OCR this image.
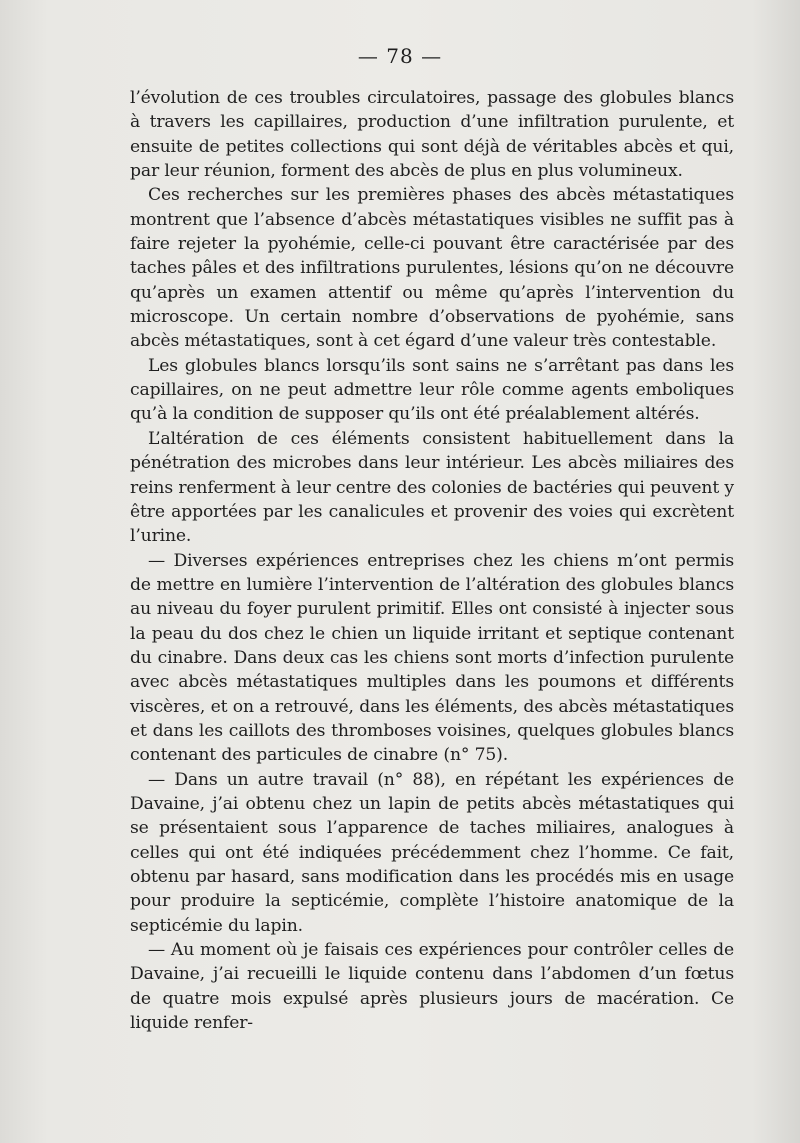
— 78 —

l’évolution de ces troubles circulatoires, passage des globules blancs à travers les capillaires, production d’une infiltration purulente, et ensuite de petites collections qui sont déjà de véritables abcès et qui, par leur réunion, forment des abcès de plus en plus volumineux.

Ces recherches sur les premières phases des abcès métastatiques montrent que l’absence d’abcès métastatiques visibles ne suffit pas à faire rejeter la pyohémie, celle-ci pouvant être caractérisée par des taches pâles et des infiltrations purulentes, lésions qu’on ne découvre qu’après un examen attentif ou même qu’après l’intervention du microscope. Un certain nombre d’observations de pyohémie, sans abcès métastatiques, sont à cet égard d’une valeur très contestable.

Les globules blancs lorsqu’ils sont sains ne s’arrêtant pas dans les capillaires, on ne peut admettre leur rôle comme agents emboliques qu’à la condition de supposer qu’ils ont été préalablement altérés.

L’altération de ces éléments consistent habituellement dans la pénétration des microbes dans leur intérieur. Les abcès miliaires des reins renferment à leur centre des colonies de bactéries qui peuvent y être apportées par les canalicules et provenir des voies qui excrètent l’urine.

— Diverses expériences entreprises chez les chiens m’ont permis de mettre en lumière l’intervention de l’altération des globules blancs au niveau du foyer purulent primitif. Elles ont consisté à injecter sous la peau du dos chez le chien un liquide irritant et septique contenant du cinabre. Dans deux cas les chiens sont morts d’infection purulente avec abcès métastatiques multiples dans les poumons et différents viscères, et on a retrouvé, dans les éléments, des abcès métastatiques et dans les caillots des thromboses voisines, quelques globules blancs contenant des particules de cinabre (n° 75).

— Dans un autre travail (n° 88), en répétant les expériences de Davaine, j’ai obtenu chez un lapin de petits abcès métastatiques qui se présentaient sous l’apparence de taches miliaires, analogues à celles qui ont été indiquées précédemment chez l’homme. Ce fait, obtenu par hasard, sans modification dans les procédés mis en usage pour produire la septicémie, complète l’histoire anatomique de la septicémie du lapin.

— Au moment où je faisais ces expériences pour contrôler celles de Davaine, j’ai recueilli le liquide contenu dans l’abdomen d’un fœtus de quatre mois expulsé après plusieurs jours de macération. Ce liquide renfer-
